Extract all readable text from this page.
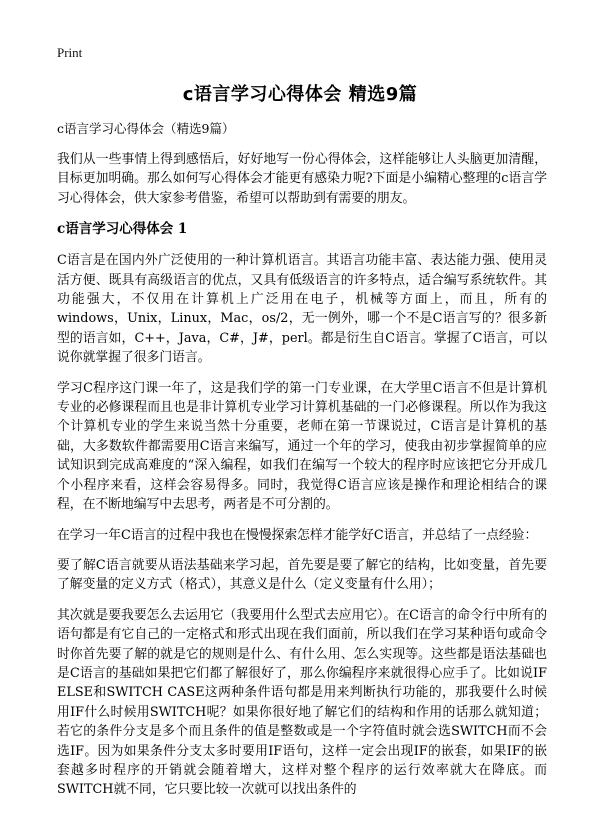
Print
c语言学习心得体会 精选9篇

c语言学习心得体会（精选9篇）

我们从一些事情上得到感悟后，好好地写一份心得体会，这样能够让人头脑更加清醒，目标更加明确。那么如何写心得体会才能更有感染力呢?下面是小编精心整理的c语言学习心得体会，供大家参考借鉴，希望可以帮助到有需要的朋友。

c语言学习心得体会 1

C语言是在国内外广泛使用的一种计算机语言。其语言功能丰富、表达能力强、使用灵活方便、既具有高级语言的优点，又具有低级语言的许多特点，适合编写系统软件。其功能强大，不仅用在计算机上广泛用在电子，机械等方面上，而且，所有的windows，Unix，Linux，Mac，os/2，无一例外，哪一个不是C语言写的？很多新型的语言如，C++，Java，C#，J#，perl。都是衍生自C语言。掌握了C语言，可以说你就掌握了很多门语言。

学习C程序这门课一年了，这是我们学的第一门专业课，在大学里C语言不但是计算机专业的必修课程而且也是非计算机专业学习计算机基础的一门必修课程。所以作为我这个计算机专业的学生来说当然十分重要，老师在第一节课说过，C语言是计算机的基础，大多数软件都需要用C语言来编写，通过一个年的学习，使我由初步掌握简单的应试知识到完成高难度的“深入编程，如我们在编写一个较大的程序时应该把它分开成几个小程序来看，这样会容易得多。同时，我觉得C语言应该是操作和理论相结合的课程，在不断地编写中去思考，两者是不可分割的。

在学习一年C语言的过程中我也在慢慢探索怎样才能学好C语言，并总结了一点经验：

要了解C语言就要从语法基础来学习起，首先要是要了解它的结构，比如变量，首先要了解变量的定义方式（格式），其意义是什么（定义变量有什么用）；

其次就是要我要怎么去运用它（我要用什么型式去应用它）。在C语言的命令行中所有的语句都是有它自己的一定格式和形式出现在我们面前，所以我们在学习某种语句或命令时你首先要了解的就是它的规则是什么、有什么用、怎么实现等。这些都是语法基础也是C语言的基础如果把它们都了解很好了，那么你编程序来就很得心应手了。比如说IF ELSE和SWITCH CASE这两种条件语句都是用来判断执行功能的，那我要什么时候用IF什么时候用SWITCH呢？如果你很好地了解它们的结构和作用的话那么就知道；若它的条件分支是多个而且条件的值是整数或是一个字符值时就会选SWITCH而不会选IF。因为如果条件分支太多时要用IF语句，这样一定会出现IF的嵌套，如果IF的嵌套越多时程序的开销就会随着增大，这样对整个程序的运行效率就大在降底。而SWITCH就不同，它只要比较一次就可以找出条件的
